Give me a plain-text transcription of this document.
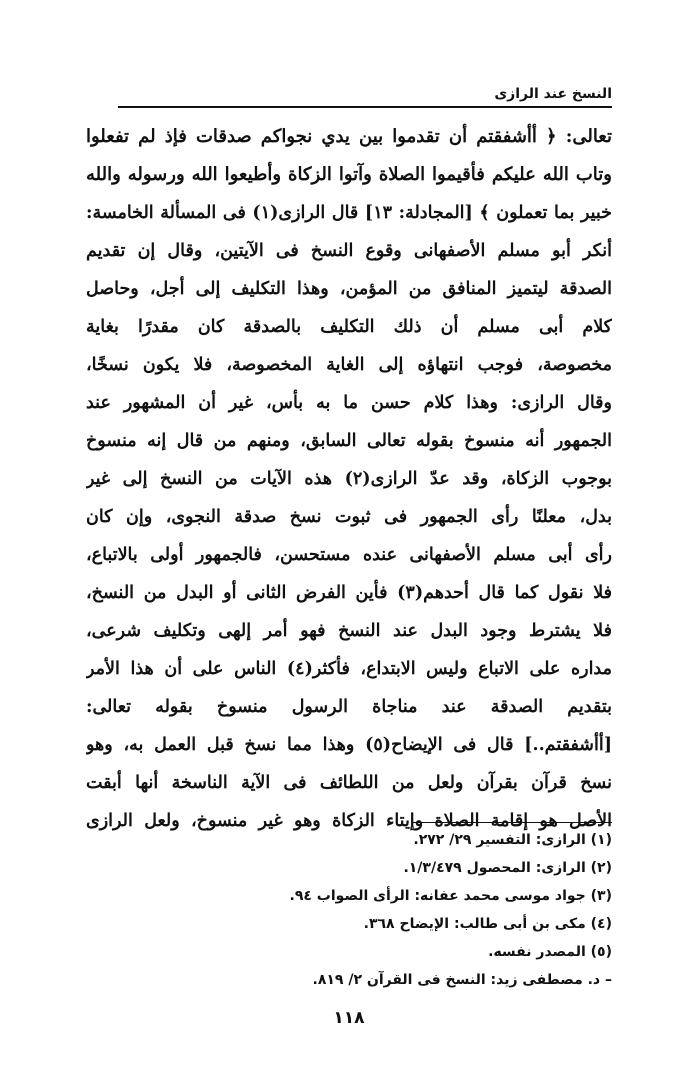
النسخ عند الرازى
تعالى: ﴿ أأشفقتم أن تقدموا بين يدي نجواكم صدقات فإذ لم تفعلوا
وتاب الله عليكم فأقيموا الصلاة وآتوا الزكاة وأطيعوا الله ورسوله والله
خبير بما تعملون ﴾ [المجادلة: ١٣] قال الرازى(١) فى المسألة الخامسة:
أنكر أبو مسلم الأصفهانى وقوع النسخ فى الآيتين، وقال إن تقديم
الصدقة ليتميز المنافق من المؤمن، وهذا التكليف إلى أجل، وحاصل
كلام أبى مسلم أن ذلك التكليف بالصدقة كان مقدرًا بغاية
مخصوصة، فوجب انتهاؤه إلى الغاية المخصوصة، فلا يكون نسخًا،
وقال الرازى: وهذا كلام حسن ما به بأس، غير أن المشهور عند
الجمهور أنه منسوخ بقوله تعالى السابق، ومنهم من قال إنه منسوخ
بوجوب الزكاة، وقد عدّ الرازى(٢) هذه الآيات من النسخ إلى غير
بدل، معلنًا رأى الجمهور فى ثبوت نسخ صدقة النجوى، وإن كان
رأى أبى مسلم الأصفهانى عنده مستحسن، فالجمهور أولى بالاتباع،
فلا نقول كما قال أحدهم(٣) فأين الفرض الثانى أو البدل من النسخ،
فلا يشترط وجود البدل عند النسخ فهو أمر إلهى وتكليف شرعى،
مداره على الاتباع وليس الابتداع، فأكثر(٤) الناس على أن هذا الأمر
بتقديم الصدقة عند مناجاة الرسول منسوخ بقوله تعالى:
[أأشفقتم..] قال فى الإيضاح(٥) وهذا مما نسخ قبل العمل به، وهو
نسخ قرآن بقرآن ولعل من اللطائف فى الآية الناسخة أنها أبقت
الأصل هو إقامة الصلاة وإيتاء الزكاة وهو غير منسوخ، ولعل الرازى
(١) الرازى: التفسير ٢٩/ ٢٧٢.
(٢) الرازى: المحصول ١/٣/٤٧٩.
(٣) جواد موسى محمد عفانه: الرأى الصواب ٩٤.
(٤) مكى بن أبى طالب: الإيضاح ٣٦٨.
(٥) المصدر نفسه.
– د. مصطفى زيد: النسخ فى القرآن ٢/ ٨١٩.
١١٨
